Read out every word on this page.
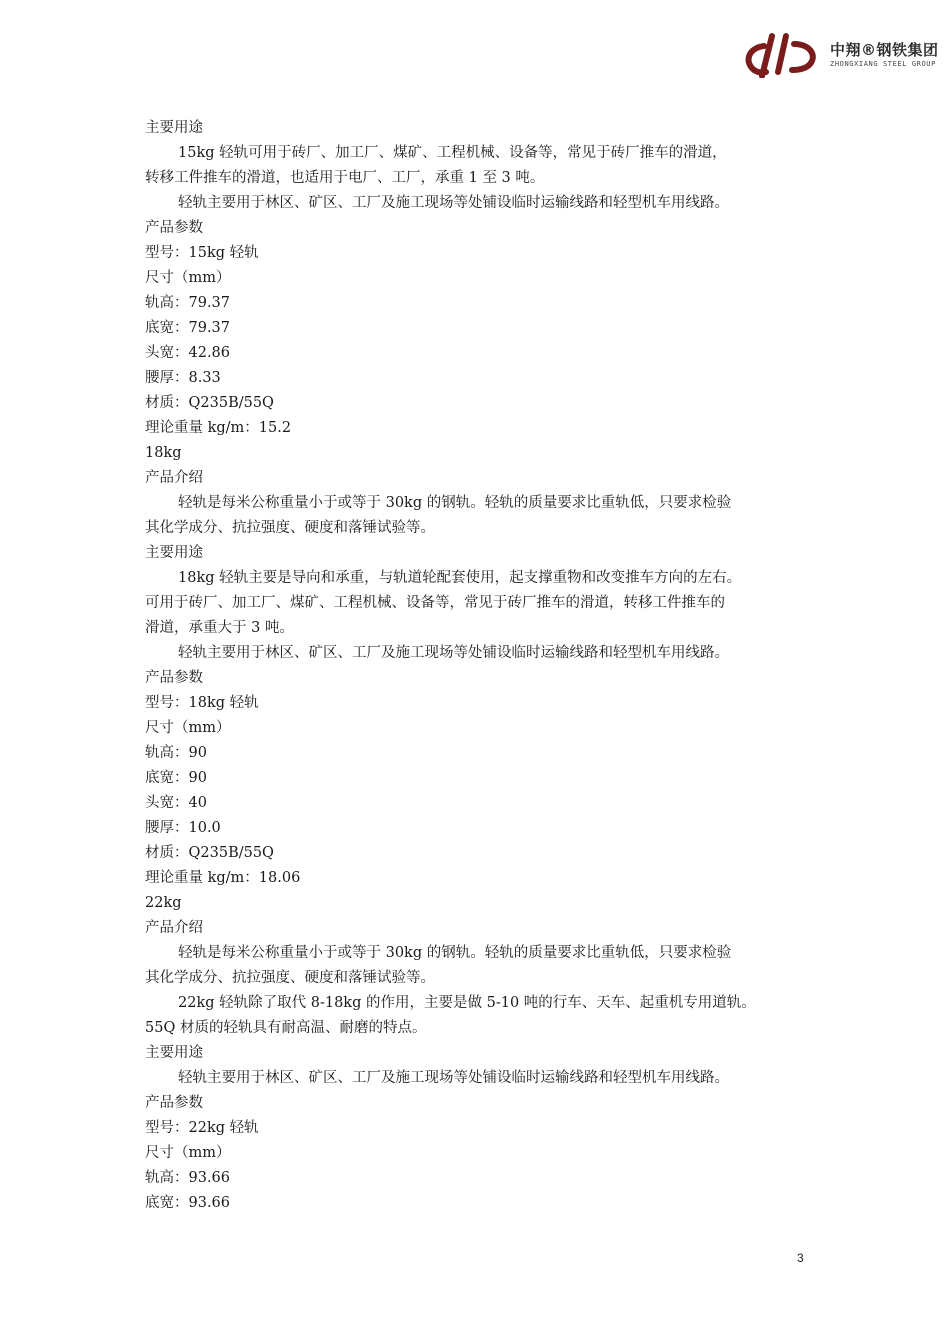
中翔®钢铁集团
ZHONGXIANG STEEL GROUP
主要用途
15kg 轻轨可用于砖厂、加工厂、煤矿、工程机械、设备等，常见于砖厂推车的滑道，
转移工件推车的滑道，也适用于电厂、工厂，承重 1 至 3 吨。
轻轨主要用于林区、矿区、工厂及施工现场等处铺设临时运输线路和轻型机车用线路。
产品参数
型号：15kg 轻轨
尺寸（mm）
轨高：79.37
底宽：79.37
头宽：42.86
腰厚：8.33
材质：Q235B/55Q
理论重量 kg/m：15.2
18kg
产品介绍
轻轨是每米公称重量小于或等于 30kg 的钢轨。轻轨的质量要求比重轨低，只要求检验
其化学成分、抗拉强度、硬度和落锤试验等。
主要用途
18kg 轻轨主要是导向和承重，与轨道轮配套使用，起支撑重物和改变推车方向的左右。
可用于砖厂、加工厂、煤矿、工程机械、设备等，常见于砖厂推车的滑道，转移工件推车的
滑道，承重大于 3 吨。
轻轨主要用于林区、矿区、工厂及施工现场等处铺设临时运输线路和轻型机车用线路。
产品参数
型号：18kg 轻轨
尺寸（mm）
轨高：90
底宽：90
头宽：40
腰厚：10.0
材质：Q235B/55Q
理论重量 kg/m：18.06
22kg
产品介绍
轻轨是每米公称重量小于或等于 30kg 的钢轨。轻轨的质量要求比重轨低，只要求检验
其化学成分、抗拉强度、硬度和落锤试验等。
22kg 轻轨除了取代 8-18kg 的作用，主要是做 5-10 吨的行车、天车、起重机专用道轨。
55Q 材质的轻轨具有耐高温、耐磨的特点。
主要用途
轻轨主要用于林区、矿区、工厂及施工现场等处铺设临时运输线路和轻型机车用线路。
产品参数
型号：22kg 轻轨
尺寸（mm）
轨高：93.66
底宽：93.66
3
